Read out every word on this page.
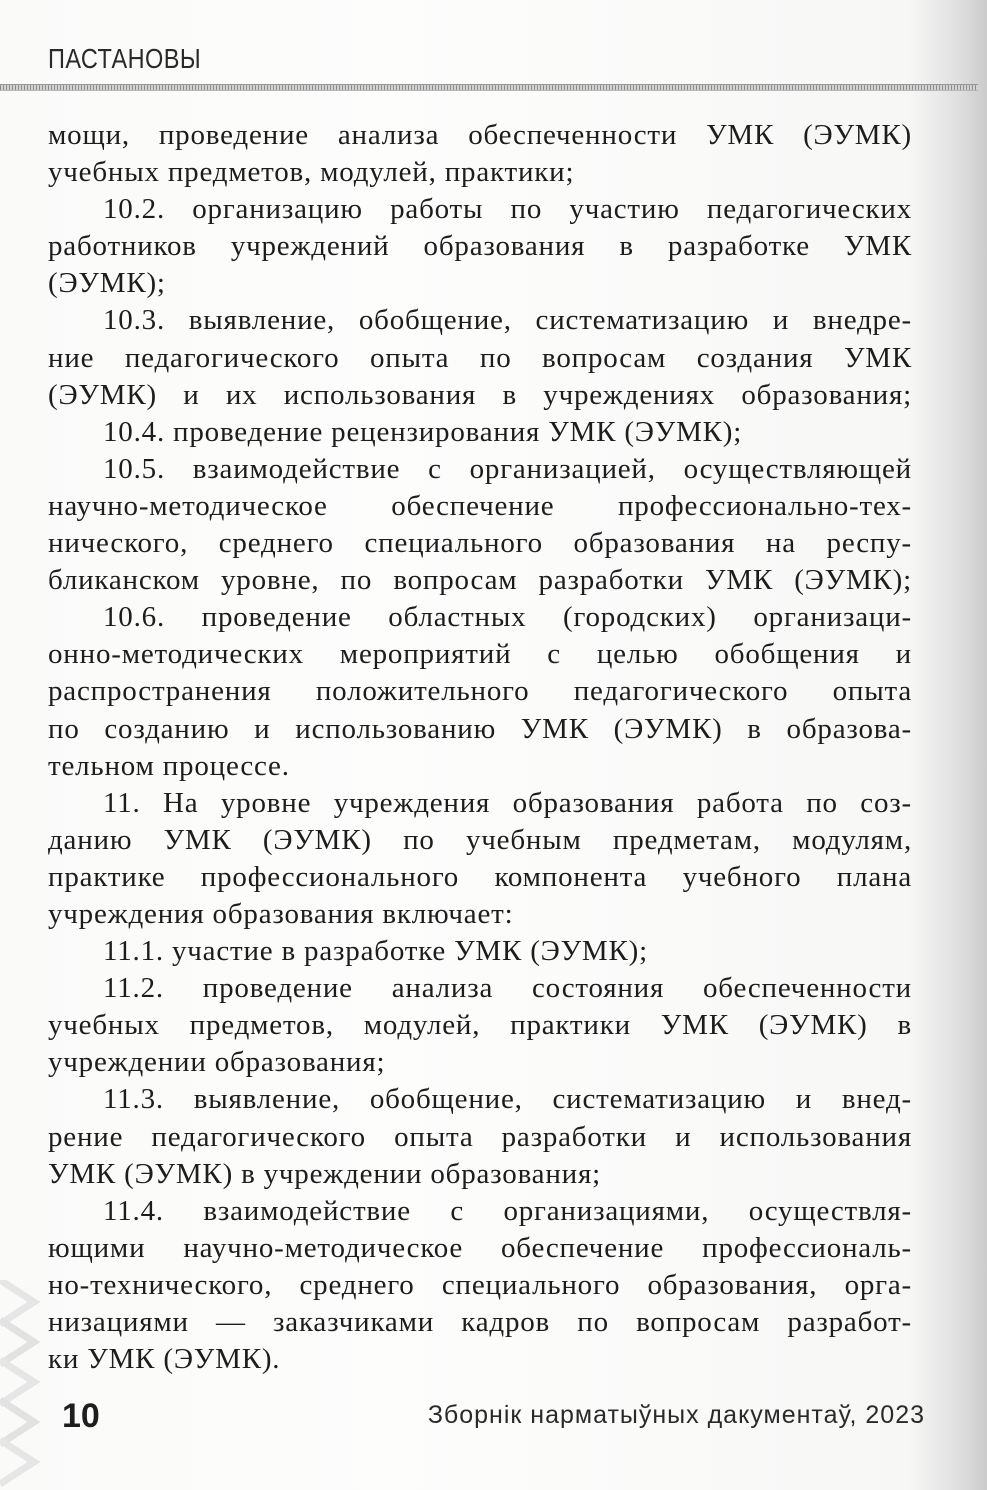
ПАСТАНОВЫ
мощи, проведение анализа обеспеченности УМК (ЭУМК)
учебных предметов, модулей, практики;
10.2. организацию работы по участию педагогических
работников учреждений образования в разработке УМК
(ЭУМК);
10.3. выявление, обобщение, систематизацию и внедре-
ние педагогического опыта по вопросам создания УМК
(ЭУМК) и их использования в учреждениях образования;
10.4. проведение рецензирования УМК (ЭУМК);
10.5. взаимодействие с организацией, осуществляющей
научно-методическое обеспечение профессионально-тех-
нического, среднего специального образования на респу-
бликанском уровне, по вопросам разработки УМК (ЭУМК);
10.6. проведение областных (городских) организаци-
онно-методических мероприятий с целью обобщения и
распространения положительного педагогического опыта
по созданию и использованию УМК (ЭУМК) в образова-
тельном процессе.
11. На уровне учреждения образования работа по соз-
данию УМК (ЭУМК) по учебным предметам, модулям,
практике профессионального компонента учебного плана
учреждения образования включает:
11.1. участие в разработке УМК (ЭУМК);
11.2. проведение анализа состояния обеспеченности
учебных предметов, модулей, практики УМК (ЭУМК) в
учреждении образования;
11.3. выявление, обобщение, систематизацию и внед-
рение педагогического опыта разработки и использования
УМК (ЭУМК) в учреждении образования;
11.4. взаимодействие с организациями, осуществля-
ющими научно-методическое обеспечение профессиональ-
но-технического, среднего специального образования, орга-
низациями — заказчиками кадров по вопросам разработ-
ки УМК (ЭУМК).
10	Зборнік нарматыўных дакументаў, 2023
